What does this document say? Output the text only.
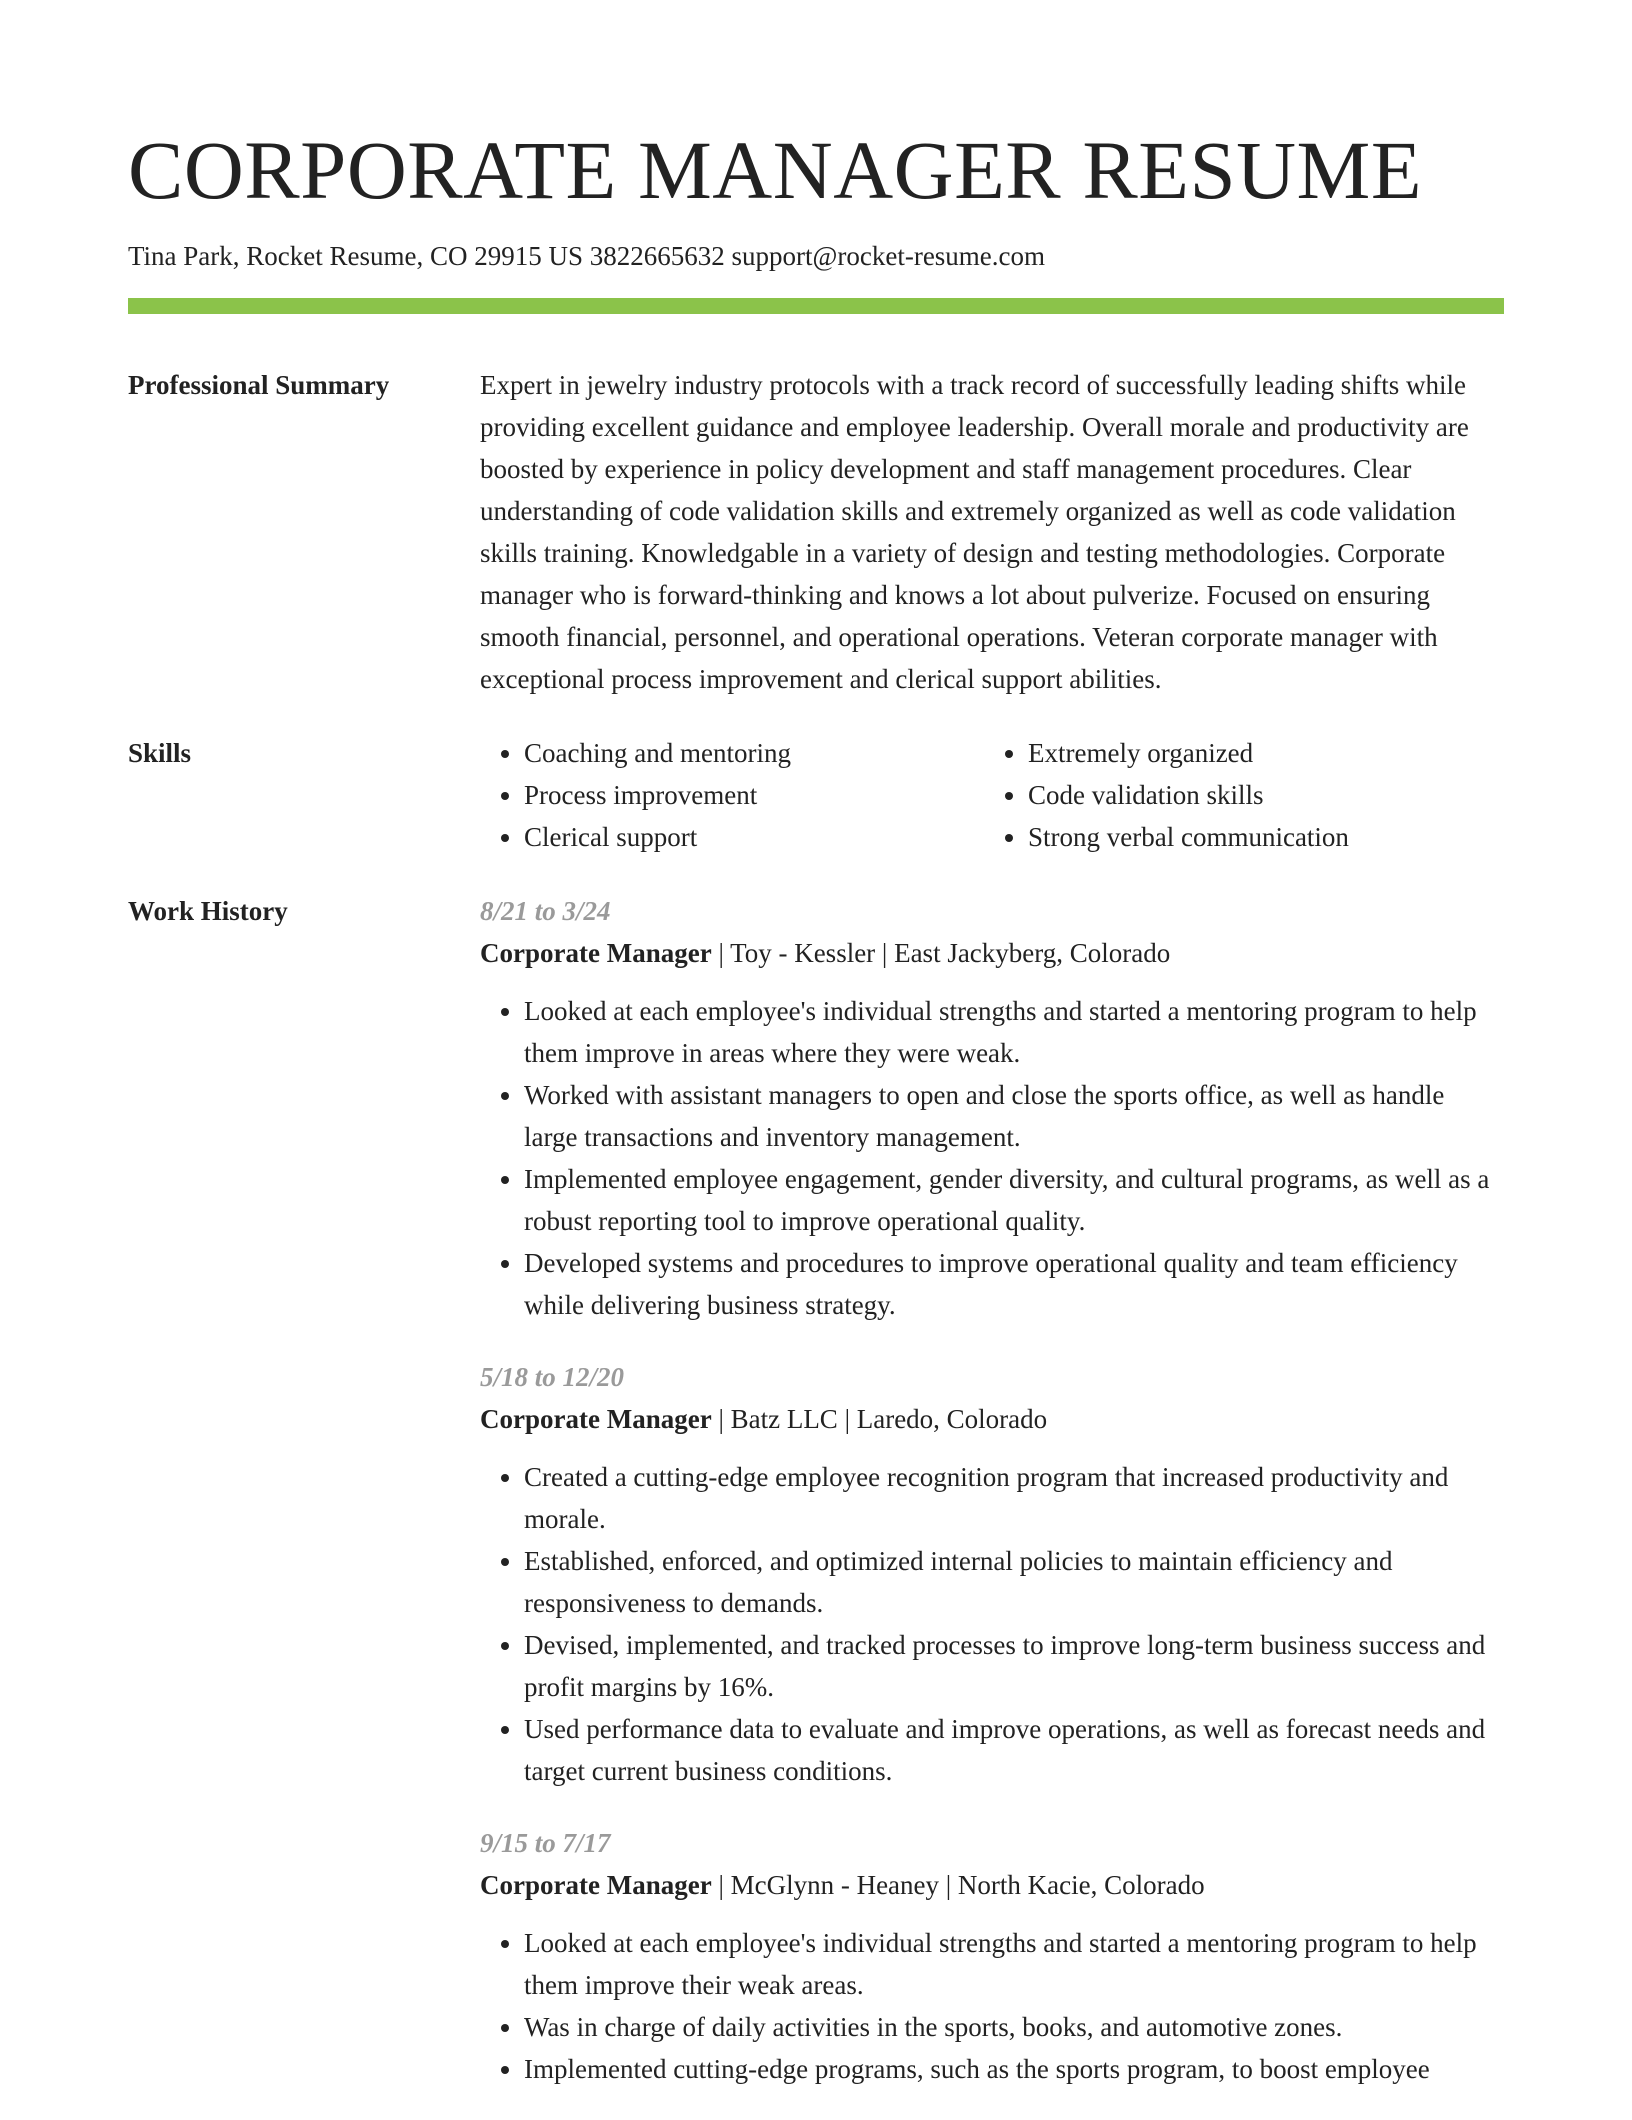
CORPORATE MANAGER RESUME
Tina Park, Rocket Resume, CO 29915 US 3822665632 support@rocket-resume.com
Professional Summary	Expert in jewelry industry protocols with a track record of successfully leading shifts while providing excellent guidance and employee leadership. Overall morale and productivity are boosted by experience in policy development and staff management procedures. Clear understanding of code validation skills and extremely organized as well as code validation skills training. Knowledgable in a variety of design and testing methodologies. Corporate manager who is forward-thinking and knows a lot about pulverize. Focused on ensuring smooth financial, personnel, and operational operations. Veteran corporate manager with exceptional process improvement and clerical support abilities.

Skills
•	Coaching and mentoring
• Process improvement
• Clerical support
• Extremely organized
• Code validation skills
• Strong verbal communication
Work History	8/21 to 3/24
Corporate Manager | Toy - Kessler | East Jackyberg, Colorado
• Looked at each employee's individual strengths and started a mentoring program to help them improve in areas where they were weak.
• Worked with assistant managers to open and close the sports office, as well as handle large transactions and inventory management.
• Implemented employee engagement, gender diversity, and cultural programs, as well as a robust reporting tool to improve operational quality.
• Developed systems and procedures to improve operational quality and team efficiency while delivering business strategy.
5/18 to 12/20
Corporate Manager | Batz LLC | Laredo, Colorado
• Created a cutting-edge employee recognition program that increased productivity and morale.
• Established, enforced, and optimized internal policies to maintain efficiency and responsiveness to demands.
• Devised, implemented, and tracked processes to improve long-term business success and profit margins by 16%.
• Used performance data to evaluate and improve operations, as well as forecast needs and target current business conditions.
9/15 to 7/17
Corporate Manager | McGlynn - Heaney | North Kacie, Colorado
• Looked at each employee's individual strengths and started a mentoring program to help them improve their weak areas.
• Was in charge of daily activities in the sports, books, and automotive zones.
• Implemented cutting-edge programs, such as the sports program, to boost employee
